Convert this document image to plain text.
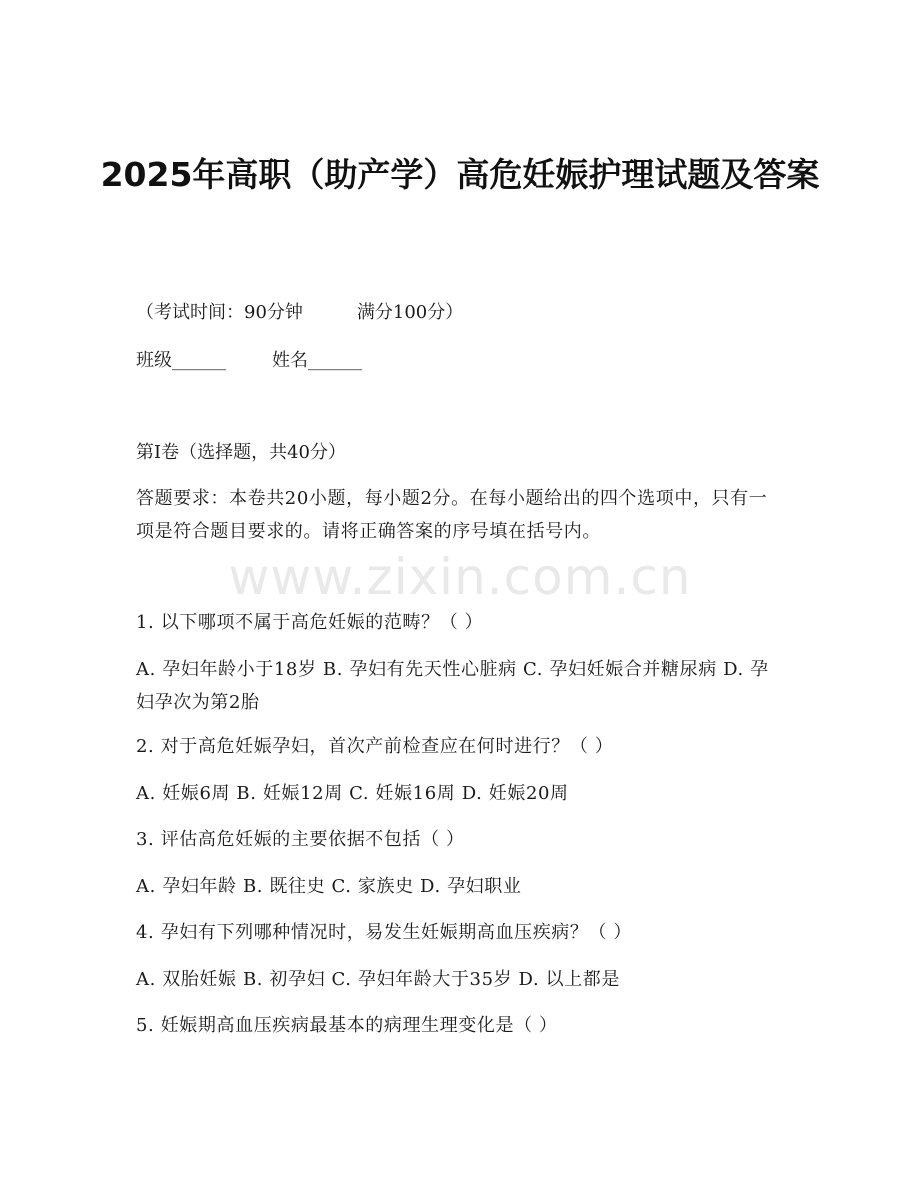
www.zixin.com.cn
2025年高职（助产学）高危妊娠护理试题及答案
（考试时间：90分钟	满分100分）
班级______	姓名______
第Ⅰ卷（选择题，共40分）

答题要求：本卷共20小题，每小题2分。在每小题给出的四个选项中，只有一项是符合题目要求的。请将正确答案的序号填在括号内。

1. 以下哪项不属于高危妊娠的范畴？（ ）

A. 孕妇年龄小于18岁 B. 孕妇有先天性心脏病 C. 孕妇妊娠合并糖尿病 D. 孕妇孕次为第2胎

2. 对于高危妊娠孕妇，首次产前检查应在何时进行？（ ）
A. 妊娠6周 B. 妊娠12周 C. 妊娠16周 D. 妊娠20周
3. 评估高危妊娠的主要依据不包括（ ）
A. 孕妇年龄 B. 既往史 C. 家族史 D. 孕妇职业
4. 孕妇有下列哪种情况时，易发生妊娠期高血压疾病？（ ）
A. 双胎妊娠 B. 初孕妇 C. 孕妇年龄大于35岁 D. 以上都是
5. 妊娠期高血压疾病最基本的病理生理变化是（ ）
